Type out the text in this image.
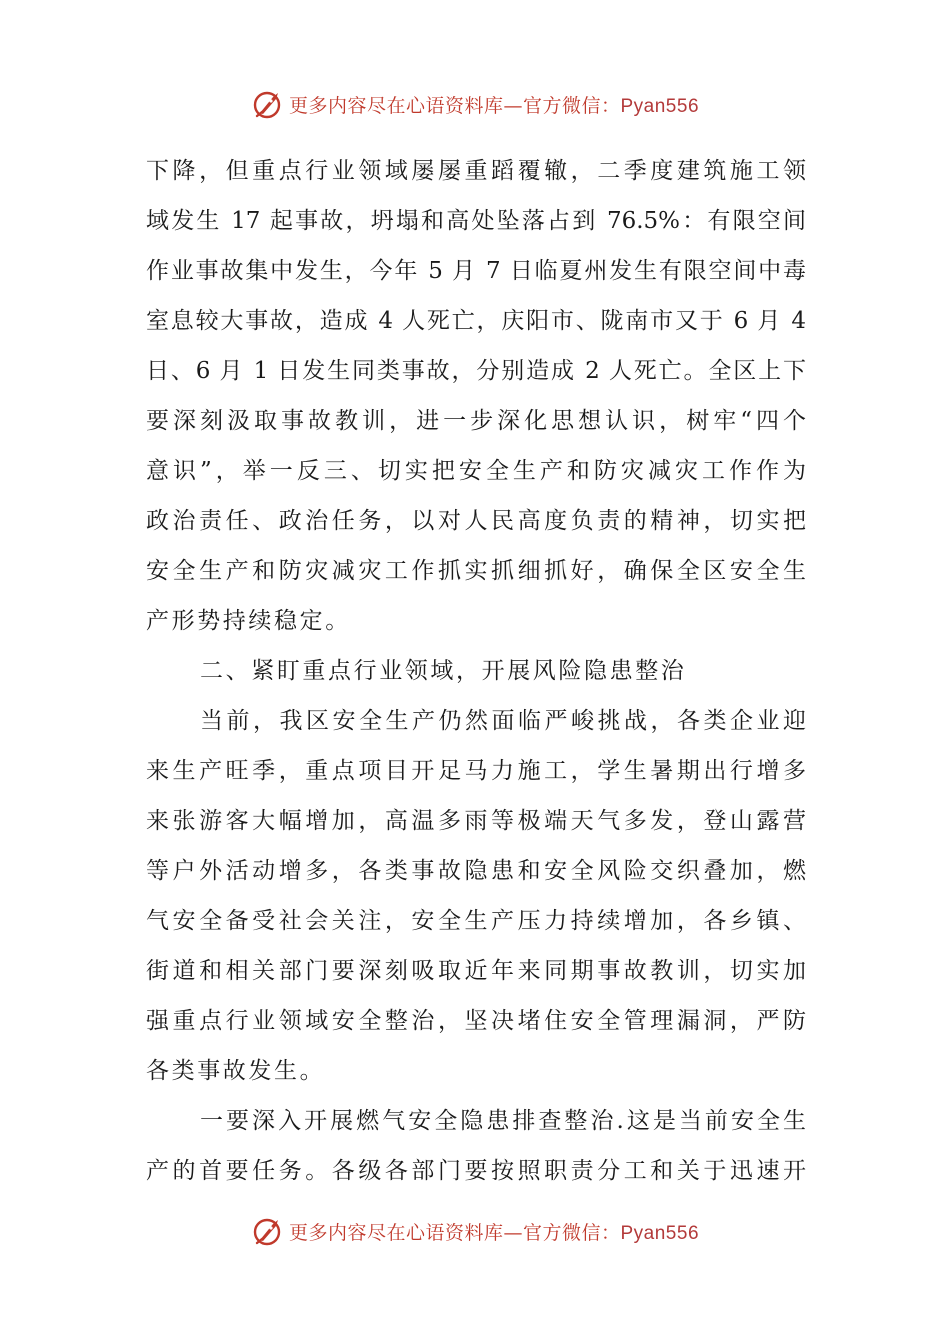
更多内容尽在心语资料库—官方微信：Pyan556
下降，但重点行业领域屡屡重蹈覆辙，二季度建筑施工领
域发生 17 起事故，坍塌和高处坠落占到 76.5%：有限空间
作业事故集中发生，今年 5 月 7 日临夏州发生有限空间中毒
室息较大事故，造成 4 人死亡，庆阳市、陇南市又于 6 月 4
日、6 月 1 日发生同类事故，分别造成 2 人死亡。全区上下
要深刻汲取事故教训，进一步深化思想认识，树牢“四个
意识”，举一反三、切实把安全生产和防灾减灾工作作为
政治责任、政治任务，以对人民高度负责的精神，切实把
安全生产和防灾减灾工作抓实抓细抓好，确保全区安全生
产形势持续稳定。
二、紧盯重点行业领域，开展风险隐患整治
当前，我区安全生产仍然面临严峻挑战，各类企业迎
来生产旺季，重点项目开足马力施工，学生暑期出行增多
来张游客大幅增加，高温多雨等极端天气多发，登山露营
等户外活动增多，各类事故隐患和安全风险交织叠加，燃
气安全备受社会关注，安全生产压力持续增加，各乡镇、
街道和相关部门要深刻吸取近年来同期事故教训，切实加
强重点行业领域安全整治，坚决堵住安全管理漏洞，严防
各类事故发生。
一要深入开展燃气安全隐患排查整治.这是当前安全生
产的首要任务。各级各部门要按照职责分工和关于迅速开
更多内容尽在心语资料库—官方微信：Pyan556
